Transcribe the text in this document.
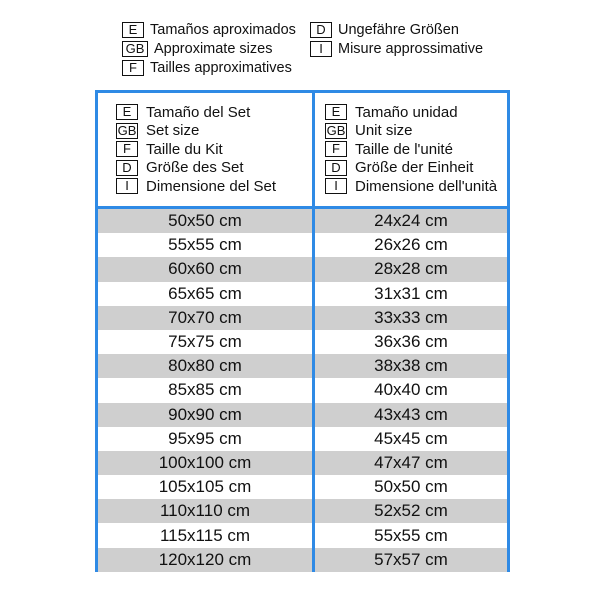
E Tamaños aproximados
GB Approximate sizes
F Tailles approximatives
D Ungefähre Größen
I	Misure approssimative
E Tamaño del Set
GB Set size
F	Taille du Kit
D Größe des Set
I	Dimensione del Set
E Tamaño unidad
GB Unit size
F	Taille de l'unité
D Größe der Einheit
I	Dimensione dell'unità
50x50 cm	24x24 cm
55x55 cm	26x26 cm
60x60 cm	28x28 cm
65x65 cm	31x31 cm
70x70 cm	33x33 cm
75x75 cm	36x36 cm
80x80 cm	38x38 cm
85x85 cm	40x40 cm
90x90 cm	43x43 cm
95x95 cm	45x45 cm
100x100 cm	47x47 cm
105x105 cm	50x50 cm
110x110 cm	52x52 cm
115x115 cm	55x55 cm
120x120 cm	57x57 cm
